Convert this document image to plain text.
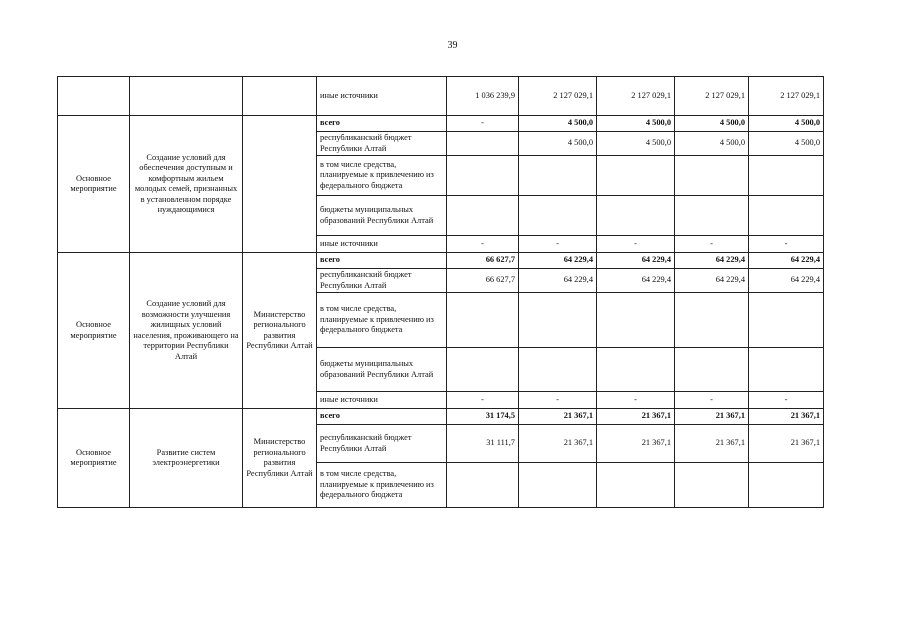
39
			иные источники	1 036 239,9	2 127 029,1	2 127 029,1	2 127 029,1	2 127 029,1
Основное мероприятие	Создание условий для обеспечения доступным и комфортным жильем молодых семей, признанных в установленном порядке нуждающимися		всего	-	4 500,0	4 500,0	4 500,0	4 500,0
			республиканский бюджет Республики Алтай		4 500,0	4 500,0	4 500,0	4 500,0
			в том числе средства, планируемые к привлечению из федерального бюджета					
			бюджеты муниципальных образований Республики Алтай					
			иные источники	-	-	-	-	-
Основное мероприятие	Создание условий для возможности улучшения жилищных условий населения, проживающего на территории Республики Алтай	Министерство регионального развития Республики Алтай	всего	66 627,7	64 229,4	64 229,4	64 229,4	64 229,4
			республиканский бюджет Республики Алтай	66 627,7	64 229,4	64 229,4	64 229,4	64 229,4
			в том числе средства, планируемые к привлечению из федерального бюджета					
			бюджеты муниципальных образований Республики Алтай					
			иные источники	-	-	-	-	-
Основное мероприятие	Развитие систем электроэнергетики	Министерство регионального развития Республики Алтай	всего	31 174,5	21 367,1	21 367,1	21 367,1	21 367,1
			республиканский бюджет Республики Алтай	31 111,7	21 367,1	21 367,1	21 367,1	21 367,1
			в том числе средства, планируемые к привлечению из федерального бюджета					
